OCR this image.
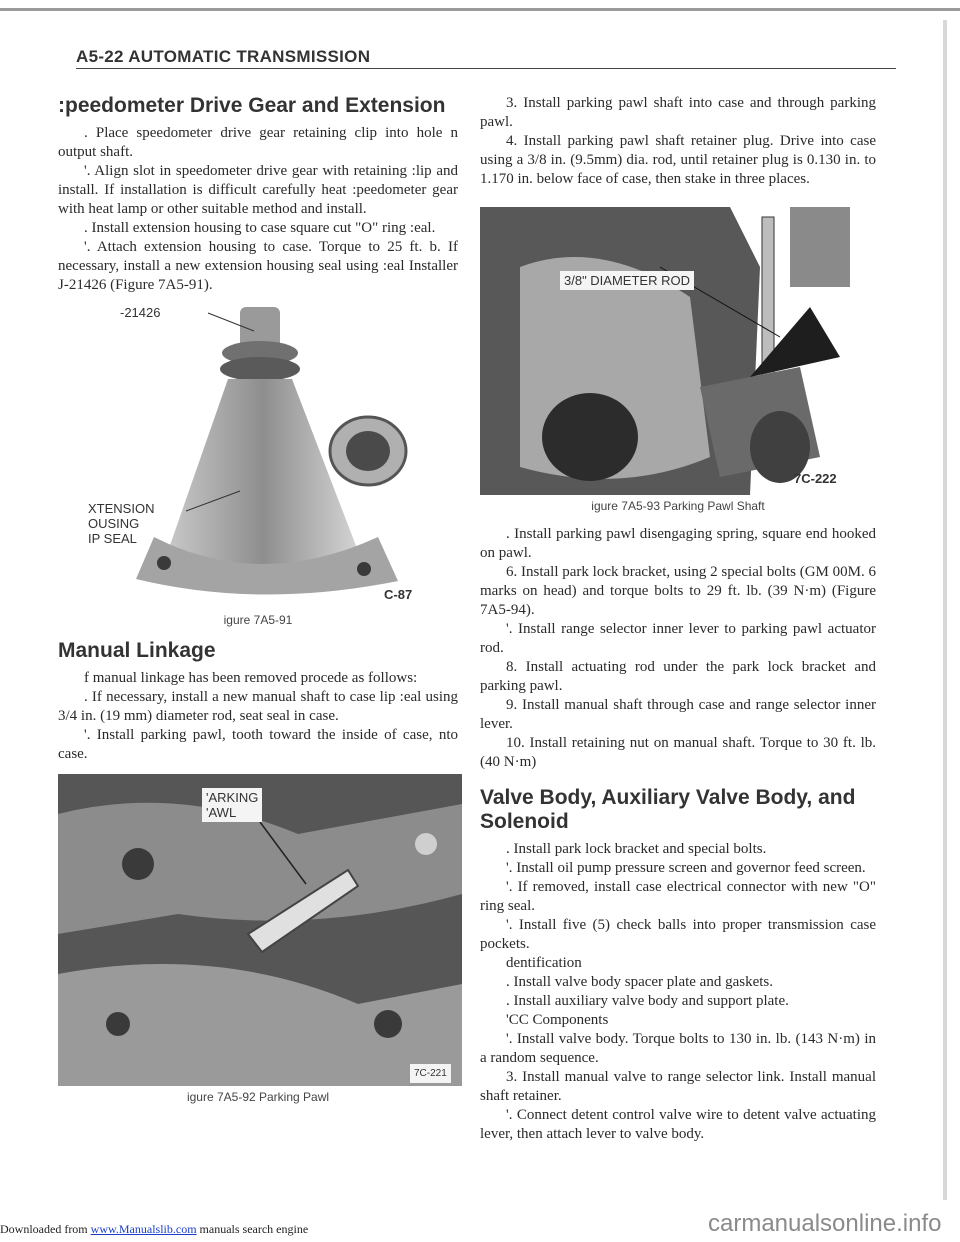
A5-22 AUTOMATIC TRANSMISSION
:peedometer Drive Gear and Extension

. Place speedometer drive gear retaining clip into hole n output shaft.

'. Align slot in speedometer drive gear with retaining :lip and install. If installation is difficult carefully heat :peedometer gear with heat lamp or other suitable method and install.

. Install extension housing to case square cut "O" ring :eal.

'. Attach extension housing to case. Torque to 25 ft. b. If necessary, install a new extension housing seal using :eal Installer J-21426 (Figure 7A5-91).

-21426
XTENSION
OUSING
IP SEAL
C-87
igure 7A5-91
Manual Linkage

f manual linkage has been removed procede as follows:

. If necessary, install a new manual shaft to case lip :eal using 3/4 in. (19 mm) diameter rod, seat seal in case.

'. Install parking pawl, tooth toward the inside of case, nto case.

'ARKING
'AWL
7C-221
igure 7A5-92 Parking Pawl

3. Install parking pawl shaft into case and through parking pawl.

4. Install parking pawl shaft retainer plug. Drive into case using a 3/8 in. (9.5mm) dia. rod, until retainer plug is 0.130 in. to 1.170 in. below face of case, then stake in three places.

3/8" DIAMETER ROD
7C-222
igure 7A5-93 Parking Pawl Shaft

. Install parking pawl disengaging spring, square end hooked on pawl.

6. Install park lock bracket, using 2 special bolts (GM 00M. 6 marks on head) and torque bolts to 29 ft. lb. (39 N·m) (Figure 7A5-94).

'. Install range selector inner lever to parking pawl actuator rod.

8. Install actuating rod under the park lock bracket and parking pawl.

9. Install manual shaft through case and range selector inner lever.

10. Install retaining nut on manual shaft. Torque to 30 ft. lb. (40 N·m)

Valve Body, Auxiliary Valve Body, and Solenoid

. Install park lock bracket and special bolts.

'. Install oil pump pressure screen and governor feed screen.

'. If removed, install case electrical connector with new "O" ring seal.

'. Install five (5) check balls into proper transmission case pockets.

dentification

. Install valve body spacer plate and gaskets.

. Install auxiliary valve body and support plate.

'CC Components

'. Install valve body. Torque bolts to 130 in. lb. (143 N·m) in a random sequence.

3. Install manual valve to range selector link. Install manual shaft retainer.

'. Connect detent control valve wire to detent valve actuating lever, then attach lever to valve body.

Downloaded from www.Manualslib.com manuals search engine	carmanualsonline.info
